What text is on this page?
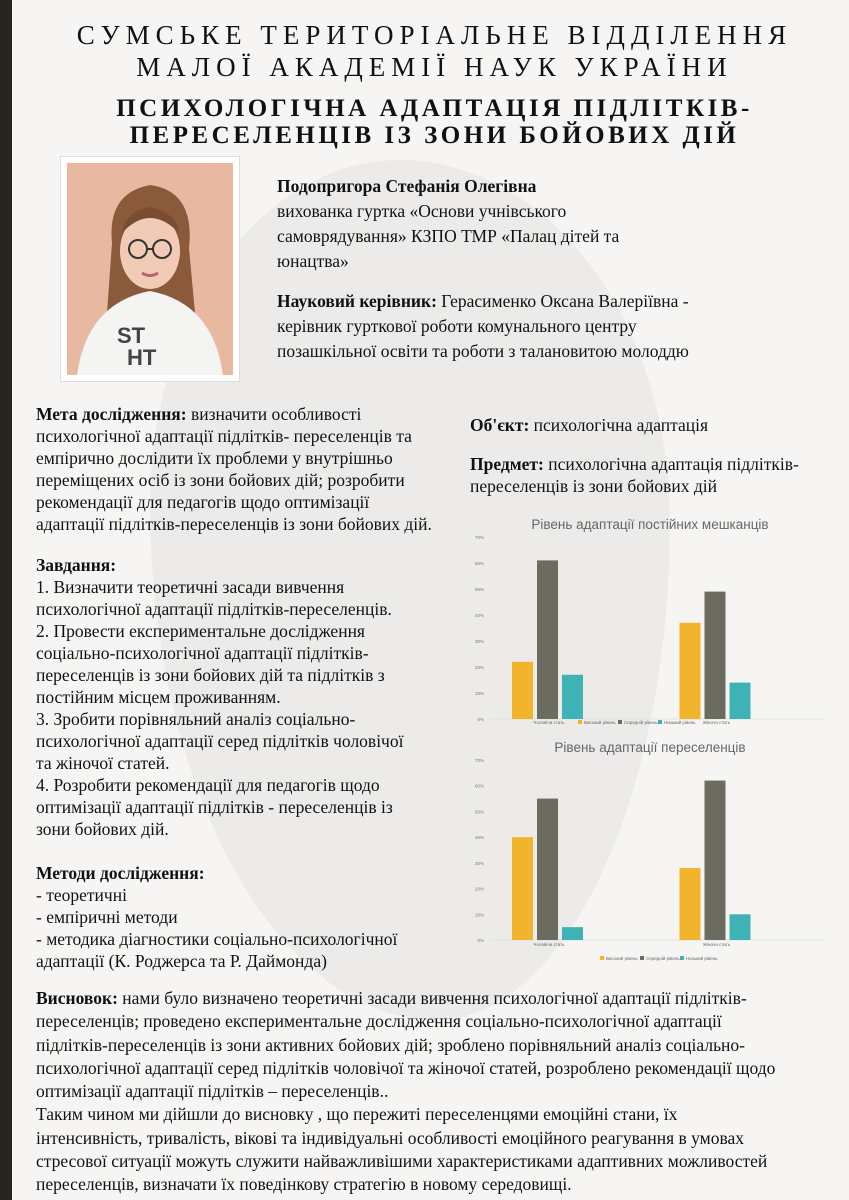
СУМСЬКЕ ТЕРИТОРІАЛЬНЕ ВІДДІЛЕННЯ
МАЛОЇ АКАДЕМІЇ НАУК УКРАЇНИ
ПСИХОЛОГІЧНА АДАПТАЦІЯ ПІДЛІТКІВ-
ПЕРЕСЕЛЕНЦІВ ІЗ ЗОНИ БОЙОВИХ ДІЙ
ST
HT
Подопригора Стефанія Олегівна
вихованка гуртка «Основи учнівського
самоврядування» КЗПО ТМР «Палац дітей та
юнацтва»
Науковий керівник: Герасименко Оксана Валеріївна -
керівник гурткової роботи комунального центру
позашкільної освіти та роботи з талановитою молоддю
Мета дослідження: визначити особливості
психологічної адаптації підлітків- переселенців та
емпірично дослідити їх проблеми у внутрішньо
переміщених осіб із зони бойових дій; розробити
рекомендації для педагогів щодо оптимізації
адаптації підлітків-переселенців із зони бойових дій.
Об'єкт: психологічна адаптація
Предмет: психологічна адаптація підлітків-
переселенців із зони бойових дій
Завдання:
1. Визначити теоретичні засади вивчення
психологічної адаптації підлітків-переселенців.
2. Провести експериментальне дослідження
соціально-психологічної адаптації підлітків-
переселенців із зони бойових дій та підлітків з
постійним місцем проживанням.
3. Зробити порівняльний аналіз соціально-
психологічної адаптації серед підлітків чоловічої
та жіночої статей.
4. Розробити рекомендації для педагогів щодо
оптимізації адаптації підлітків - переселенців із
зони бойових дій.
Методи дослідження:
- теоретичні
- емпіричні методи
- методика діагностики соціально-психологічної
адаптації (К. Роджерса та Р. Даймонда)
Висновок: нами було визначено теоретичні засади вивчення психологічної адаптації підлітків-
переселенців; проведено експериментальне дослідження соціально-психологічної адаптації
підлітків-переселенців із зони активних бойових дій; зроблено порівняльний аналіз соціально-
психологічної адаптації серед підлітків чоловічої та жіночої статей, розроблено рекомендації щодо
оптимізації адаптації підлітків – переселенців..
Таким чином ми дійшли до висновку , що пережиті переселенцями емоційні стани, їх
інтенсивність, тривалість, вікові та індивідуальні особливості емоційного реагування в умовах
стресової ситуації можуть служити найважливішими характеристиками адаптивних можливостей
переселенців, визначати їх поведінкову стратегію в новому середовищі.
Рівень адаптації постійних мешканців
0%
10%
20%
30%
40%
50%
60%
70%
Чоловіча стать	Жіноча стать
Високий рівень Середній рівень Низький рівень
Рівень адаптації переселенців
0%
10%
20%
30%
40%
50%
60%
70%
Чоловіча стать	Жіноча стать
Високий рівень Середній рівень Низький рівень
